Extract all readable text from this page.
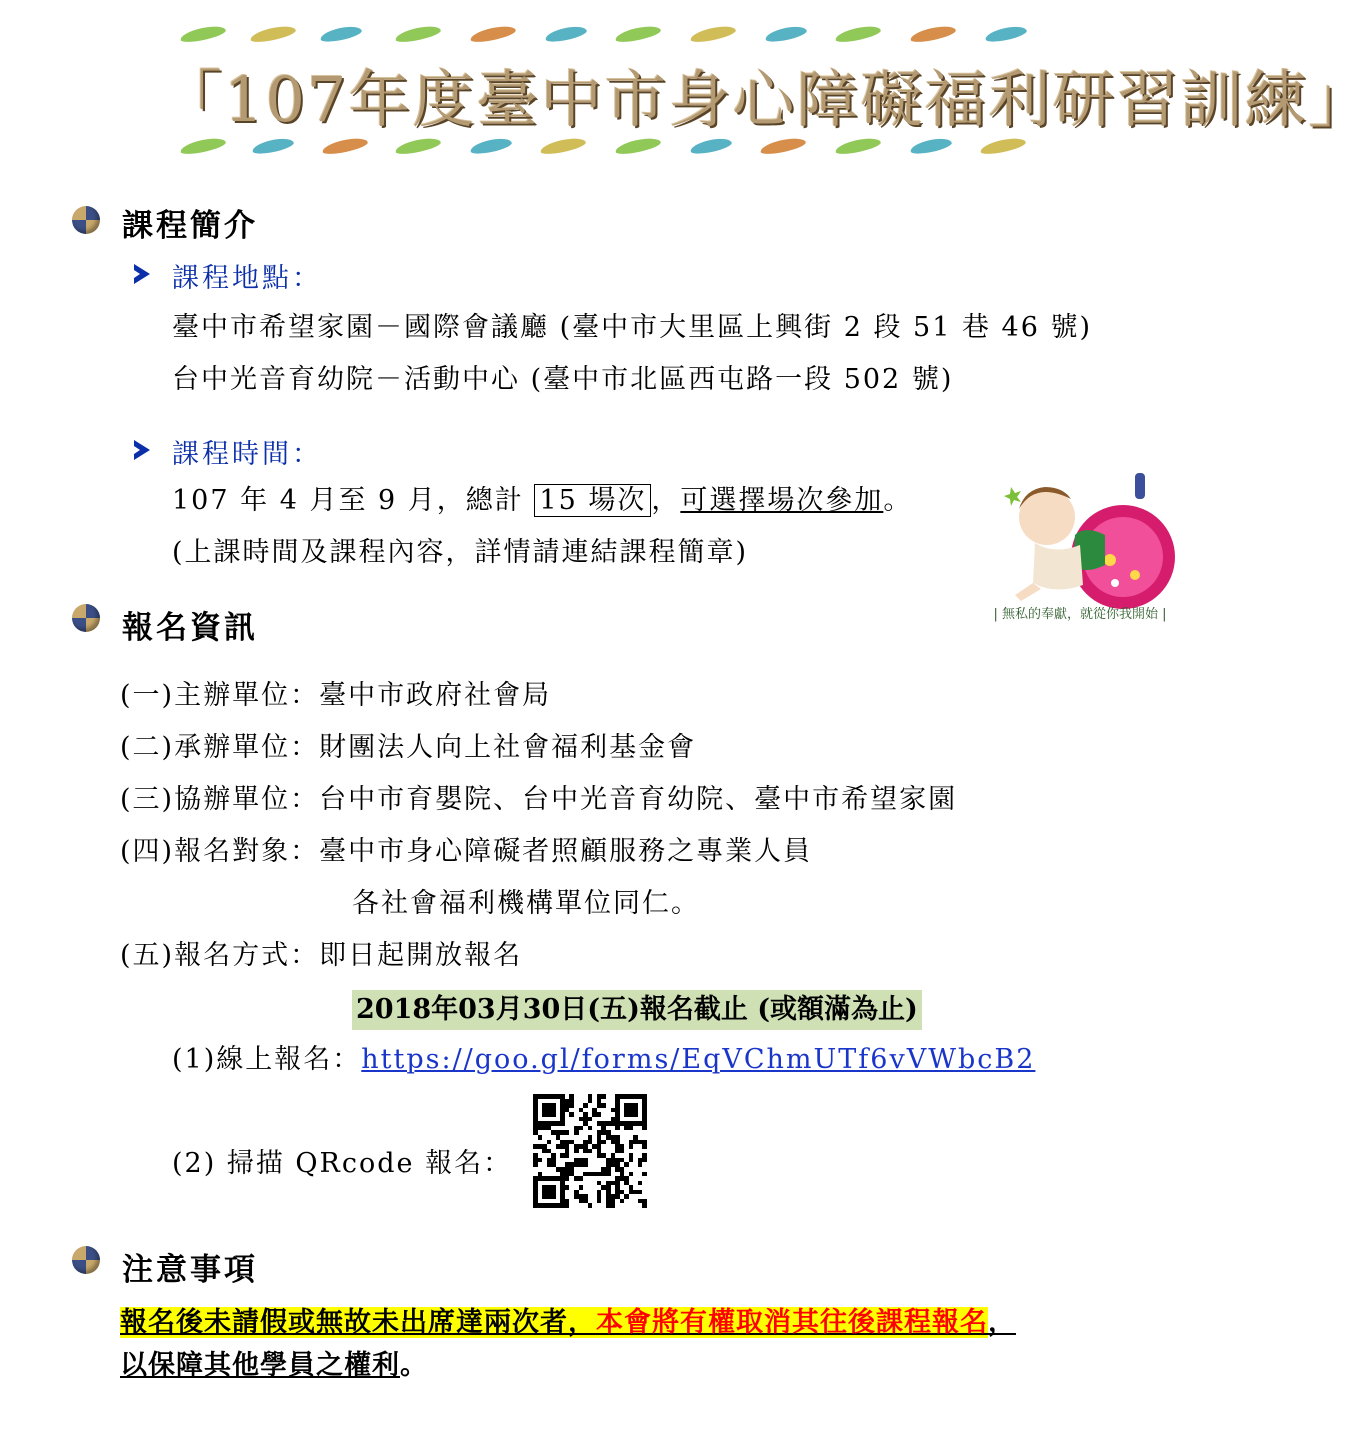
「107年度臺中市身心障礙福利研習訓練」
課程簡介
課程地點：
臺中市希望家園－國際會議廳 (臺中市大里區上興街 2 段 51 巷 46 號)
台中光音育幼院－活動中心 (臺中市北區西屯路一段 502 號)
課程時間：
107 年 4 月至 9 月，總計 15 場次 ，可選擇場次參加。
(上課時間及課程內容，詳情請連結課程簡章)
| 無私的奉獻，就從你我開始 |
報名資訊
(一)主辦單位：臺中市政府社會局
(二)承辦單位：財團法人向上社會福利基金會
(三)協辦單位：台中市育嬰院、台中光音育幼院、臺中市希望家園
(四)報名對象：臺中市身心障礙者照顧服務之專業人員
各社會福利機構單位同仁。
(五)報名方式：即日起開放報名
2018年03月30日(五)報名截止 (或額滿為止)
(1)線上報名：https://goo.gl/forms/EqVChmUTf6vVWbcB2
(2) 掃描 QRcode 報名：
注意事項
報名後未請假或無故未出席達兩次者，本會將有權取消其往後課程報名，
以保障其他學員之權利。
